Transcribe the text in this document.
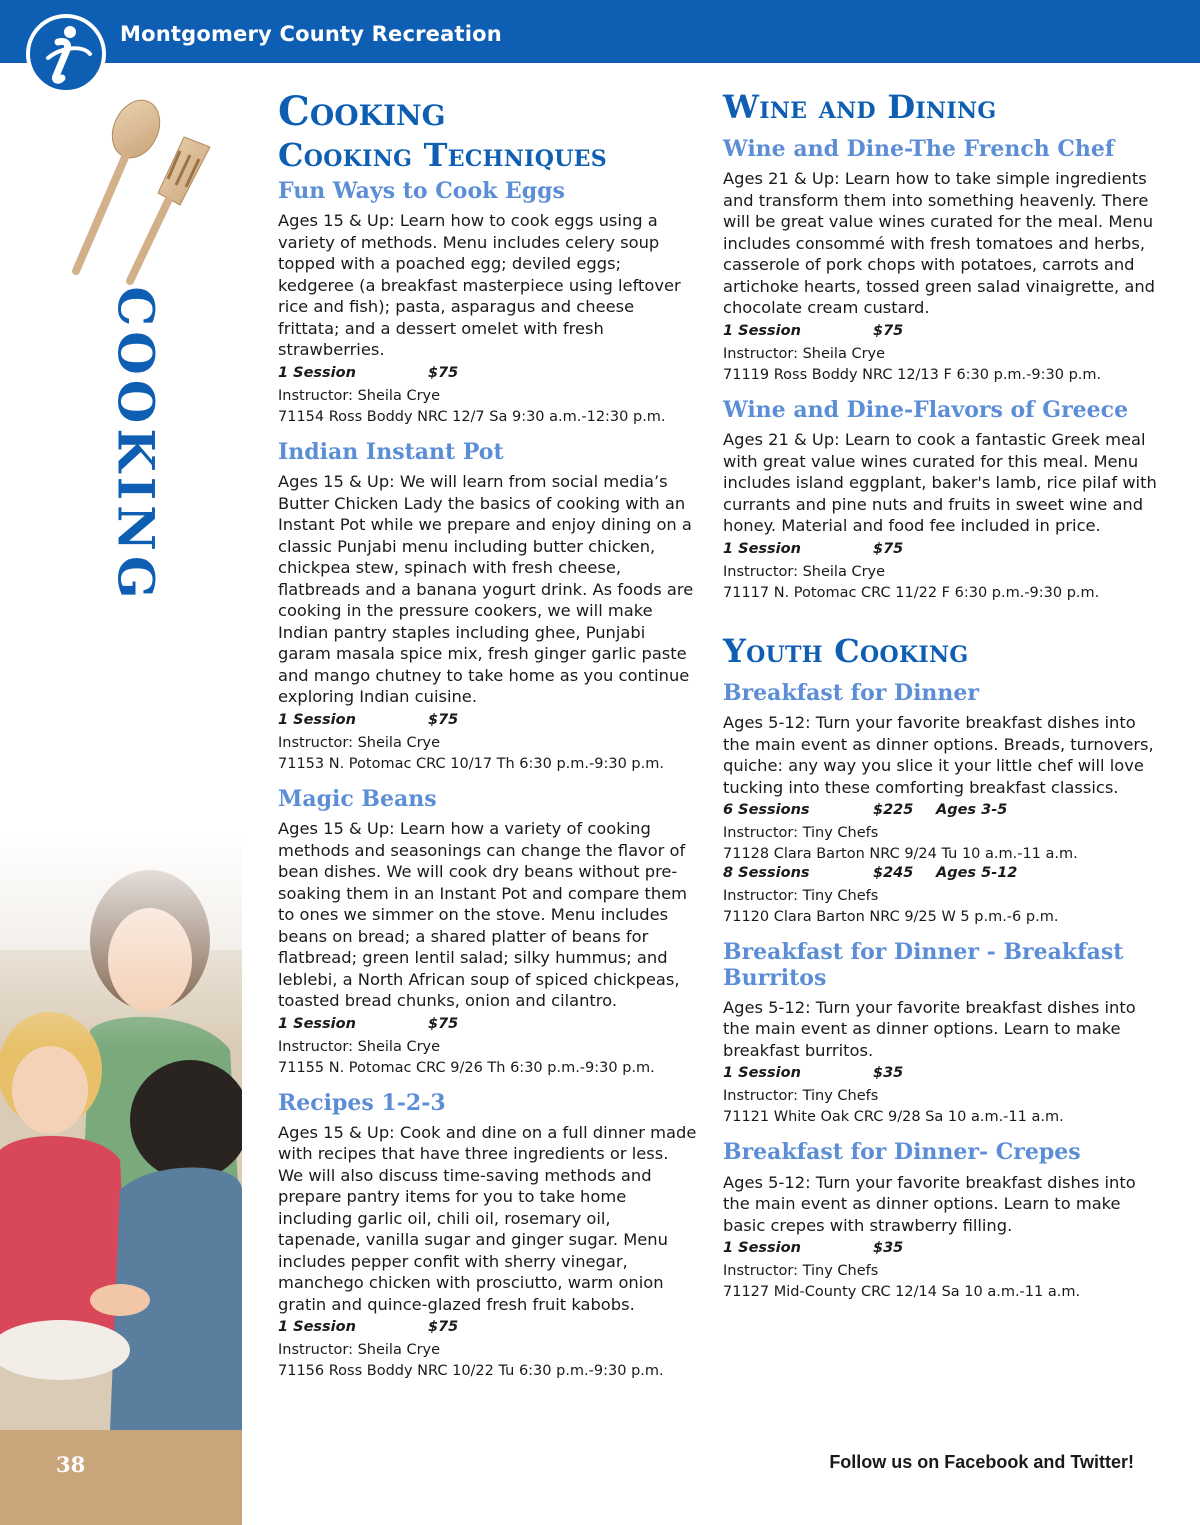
Montgomery County Recreation
COOKING
38
Cooking
Cooking Techniques
Fun Ways to Cook Eggs

Ages 15 & Up: Learn how to cook eggs using a variety of methods. Menu includes celery soup topped with a poached egg; deviled eggs; kedgeree (a breakfast masterpiece using leftover rice and fish); pasta, asparagus and cheese frittata; and a dessert omelet with fresh strawberries.

1 Session	$75

Instructor: Sheila Crye

71154 Ross Boddy NRC 12/7 Sa 9:30 a.m.-12:30 p.m.

Indian Instant Pot

Ages 15 & Up: We will learn from social media’s Butter Chicken Lady the basics of cooking with an Instant Pot while we prepare and enjoy dining on a classic Punjabi menu including butter chicken, chickpea stew, spinach with fresh cheese, flatbreads and a banana yogurt drink. As foods are cooking in the pressure cookers, we will make Indian pantry staples including ghee, Punjabi garam masala spice mix, fresh ginger garlic paste and mango chutney to take home as you continue exploring Indian cuisine.

1 Session	$75

Instructor: Sheila Crye

71153 N. Potomac CRC 10/17 Th 6:30 p.m.-9:30 p.m.

Magic Beans

Ages 15 & Up: Learn how a variety of cooking methods and seasonings can change the flavor of bean dishes. We will cook dry beans without pre-soaking them in an Instant Pot and compare them to ones we simmer on the stove. Menu includes beans on bread; a shared platter of beans for flatbread; green lentil salad; silky hummus; and leblebi, a North African soup of spiced chickpeas, toasted bread chunks, onion and cilantro.

1 Session	$75

Instructor: Sheila Crye

71155 N. Potomac CRC 9/26 Th 6:30 p.m.-9:30 p.m.

Recipes 1-2-3

Ages 15 & Up: Cook and dine on a full dinner made with recipes that have three ingredients or less. We will also discuss time-saving methods and prepare pantry items for you to take home including garlic oil, chili oil, rosemary oil, tapenade, vanilla sugar and ginger sugar. Menu includes pepper confit with sherry vinegar, manchego chicken with prosciutto, warm onion gratin and quince-glazed fresh fruit kabobs.

1 Session	$75

Instructor: Sheila Crye

71156 Ross Boddy NRC 10/22 Tu 6:30 p.m.-9:30 p.m.

Wine and Dining
Wine and Dine-The French Chef

Ages 21 & Up: Learn how to take simple ingredients and transform them into something heavenly. There will be great value wines curated for the meal. Menu includes consommé with fresh tomatoes and herbs, casserole of pork chops with potatoes, carrots and artichoke hearts, tossed green salad vinaigrette, and chocolate cream custard.

1 Session	$75

Instructor: Sheila Crye

71119 Ross Boddy NRC 12/13 F 6:30 p.m.-9:30 p.m.

Wine and Dine-Flavors of Greece

Ages 21 & Up: Learn to cook a fantastic Greek meal with great value wines curated for this meal. Menu includes island eggplant, baker's lamb, rice pilaf with currants and pine nuts and fruits in sweet wine and honey. Material and food fee included in price.

1 Session	$75

Instructor: Sheila Crye

71117 N. Potomac CRC 11/22 F 6:30 p.m.-9:30 p.m.

Youth Cooking
Breakfast for Dinner

Ages 5-12: Turn your favorite breakfast dishes into the main event as dinner options. Breads, turnovers, quiche: any way you slice it your little chef will love tucking into these comforting breakfast classics.

6 Sessions	$225 Ages 3-5

Instructor: Tiny Chefs

71128 Clara Barton NRC 9/24 Tu 10 a.m.-11 a.m.

8 Sessions	$245 Ages 5-12

Instructor: Tiny Chefs

71120 Clara Barton NRC 9/25 W 5 p.m.-6 p.m.

Breakfast for Dinner - Breakfast Burritos

Ages 5-12: Turn your favorite breakfast dishes into the main event as dinner options. Learn to make breakfast burritos.

1 Session	$35

Instructor: Tiny Chefs

71121 White Oak CRC 9/28 Sa 10 a.m.-11 a.m.

Breakfast for Dinner- Crepes

Ages 5-12: Turn your favorite breakfast dishes into the main event as dinner options. Learn to make basic crepes with strawberry filling.

1 Session	$35

Instructor: Tiny Chefs

71127 Mid-County CRC 12/14 Sa 10 a.m.-11 a.m.

Follow us on Facebook and Twitter!
